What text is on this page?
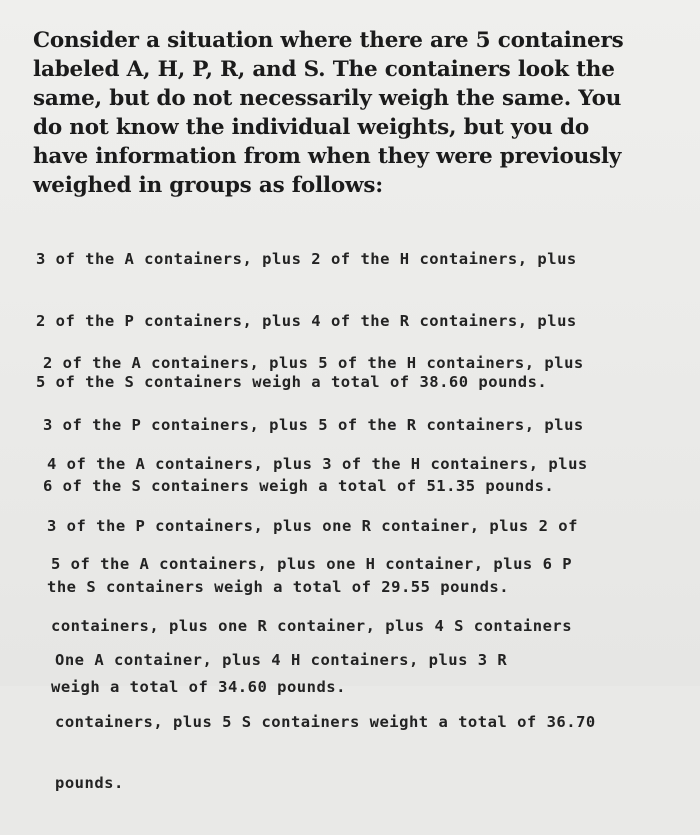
Consider a situation where there are 5 containers labeled A, H, P, R, and S. The containers look the same, but do not necessarily weigh the same. You do not know the individual weights, but you do have information from when they were previously weighed in groups as follows:

3 of the A containers, plus 2 of the H containers, plus

2 of the P containers, plus 4 of the R containers, plus

5 of the S containers weigh a total of 38.60 pounds.

2 of the A containers, plus 5 of the H containers, plus

3 of the P containers, plus 5 of the R containers, plus

6 of the S containers weigh a total of 51.35 pounds.

4 of the A containers, plus 3 of the H containers, plus

3 of the P containers, plus one R container, plus 2 of

the S containers weigh a total of 29.55 pounds.

5 of the A containers, plus one H container, plus 6 P

containers, plus one R container, plus 4 S containers

weigh a total of 34.60 pounds.

One A container, plus 4 H containers, plus 3 R

containers, plus 5 S containers weight a total of 36.70

pounds.
